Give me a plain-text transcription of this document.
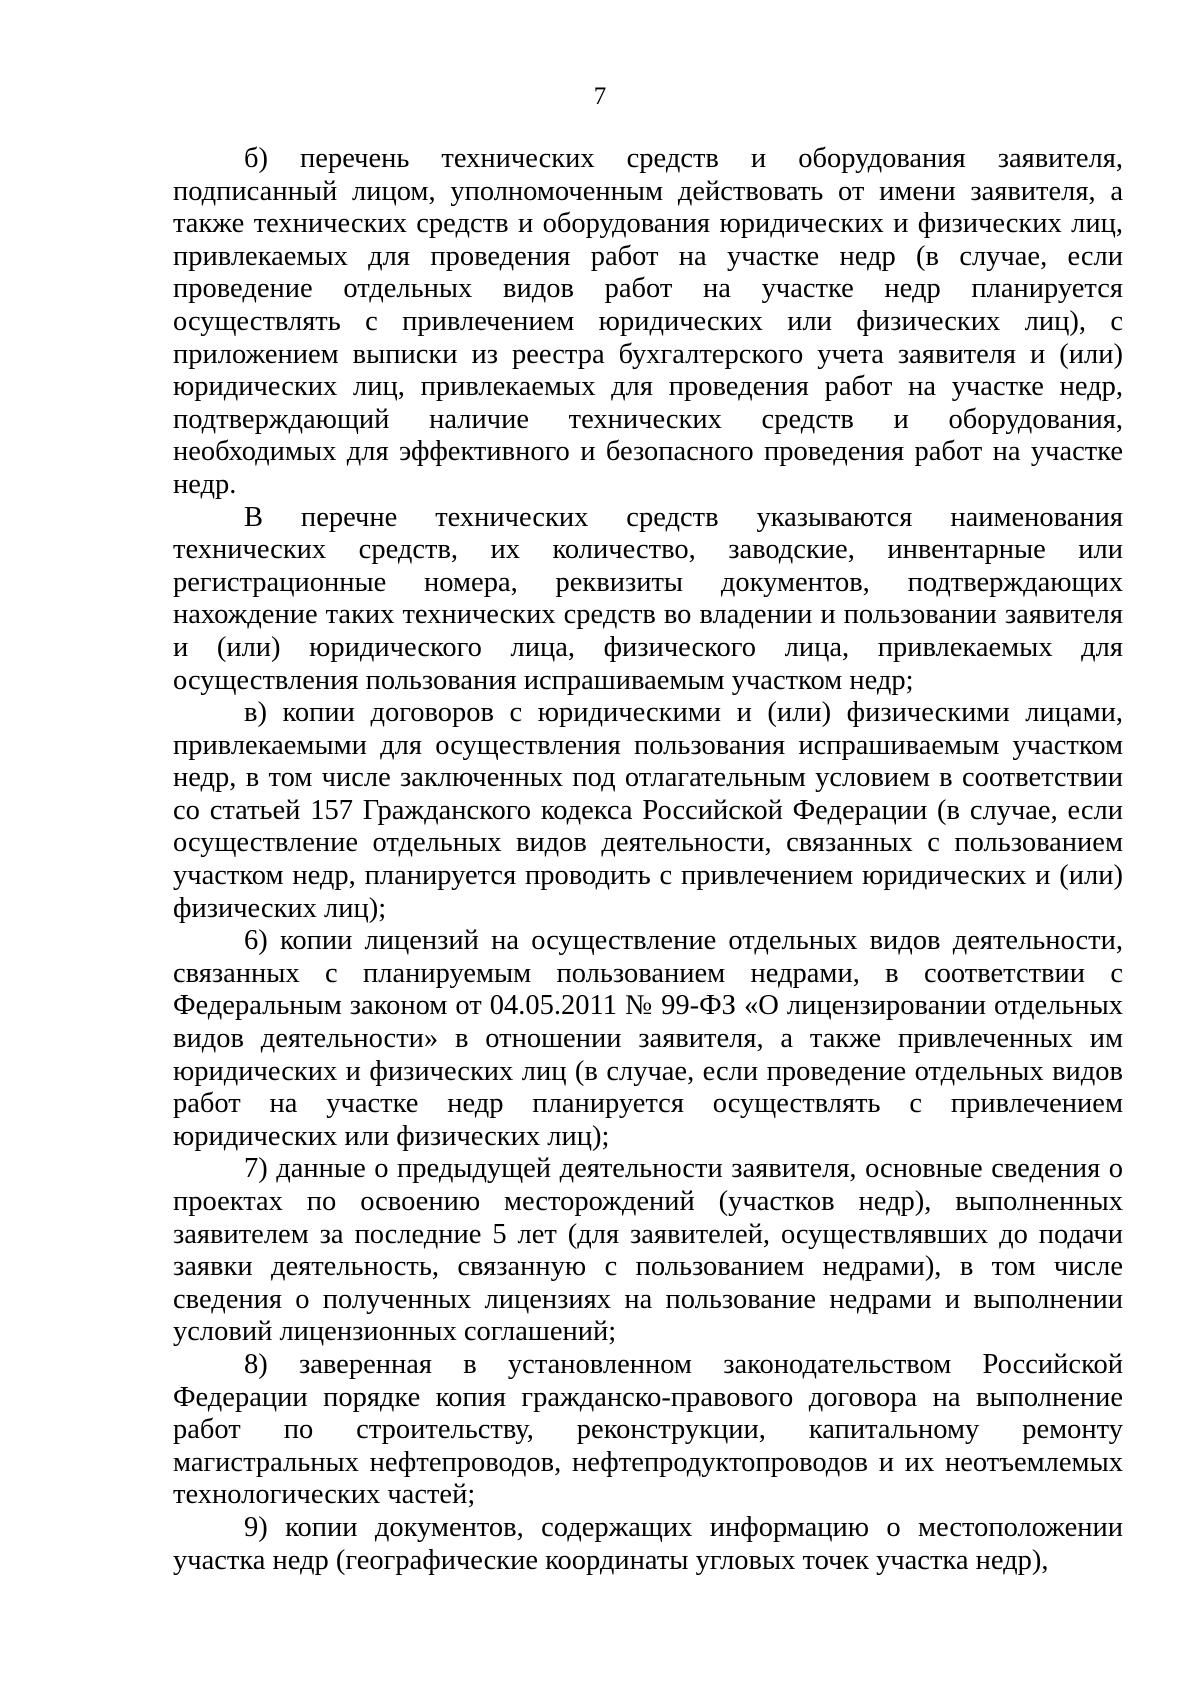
7

б) перечень технических средств и оборудования заявителя, подписанный лицом, уполномоченным действовать от имени заявителя, а также технических средств и оборудования юридических и физических лиц, привлекаемых для проведения работ на участке недр (в случае, если проведение отдельных видов работ на участке недр планируется осуществлять с привлечением юридических или физических лиц), с приложением выписки из реестра бухгалтерского учета заявителя и (или) юридических лиц, привлекаемых для проведения работ на участке недр, подтверждающий наличие технических средств и оборудования, необходимых для эффективного и безопасного проведения работ на участке недр.

В перечне технических средств указываются наименования технических средств, их количество, заводские, инвентарные или регистрационные номера, реквизиты документов, подтверждающих нахождение таких технических средств во владении и пользовании заявителя и (или) юридического лица, физического лица, привлекаемых для осуществления пользования испрашиваемым участком недр;

в) копии договоров с юридическими и (или) физическими лицами, привлекаемыми для осуществления пользования испрашиваемым участком недр, в том числе заключенных под отлагательным условием в соответствии со статьей 157 Гражданского кодекса Российской Федерации (в случае, если осуществление отдельных видов деятельности, связанных с пользованием участком недр, планируется проводить с привлечением юридических и (или) физических лиц);

6) копии лицензий на осуществление отдельных видов деятельности, связанных с планируемым пользованием недрами, в соответствии с Федеральным законом от 04.05.2011 № 99-ФЗ «О лицензировании отдельных видов деятельности» в отношении заявителя, а также привлеченных им юридических и физических лиц (в случае, если проведение отдельных видов работ на участке недр планируется осуществлять с привлечением юридических или физических лиц);

7) данные о предыдущей деятельности заявителя, основные сведения о проектах по освоению месторождений (участков недр), выполненных заявителем за последние 5 лет (для заявителей, осуществлявших до подачи заявки деятельность, связанную с пользованием недрами), в том числе сведения о полученных лицензиях на пользование недрами и выполнении условий лицензионных соглашений;

8) заверенная в установленном законодательством Российской Федерации порядке копия гражданско-правового договора на выполнение работ по строительству, реконструкции, капитальному ремонту магистральных нефтепроводов, нефтепродуктопроводов и их неотъемлемых технологических частей;

9) копии документов, содержащих информацию о местоположении участка недр (географические координаты угловых точек участка недр),
